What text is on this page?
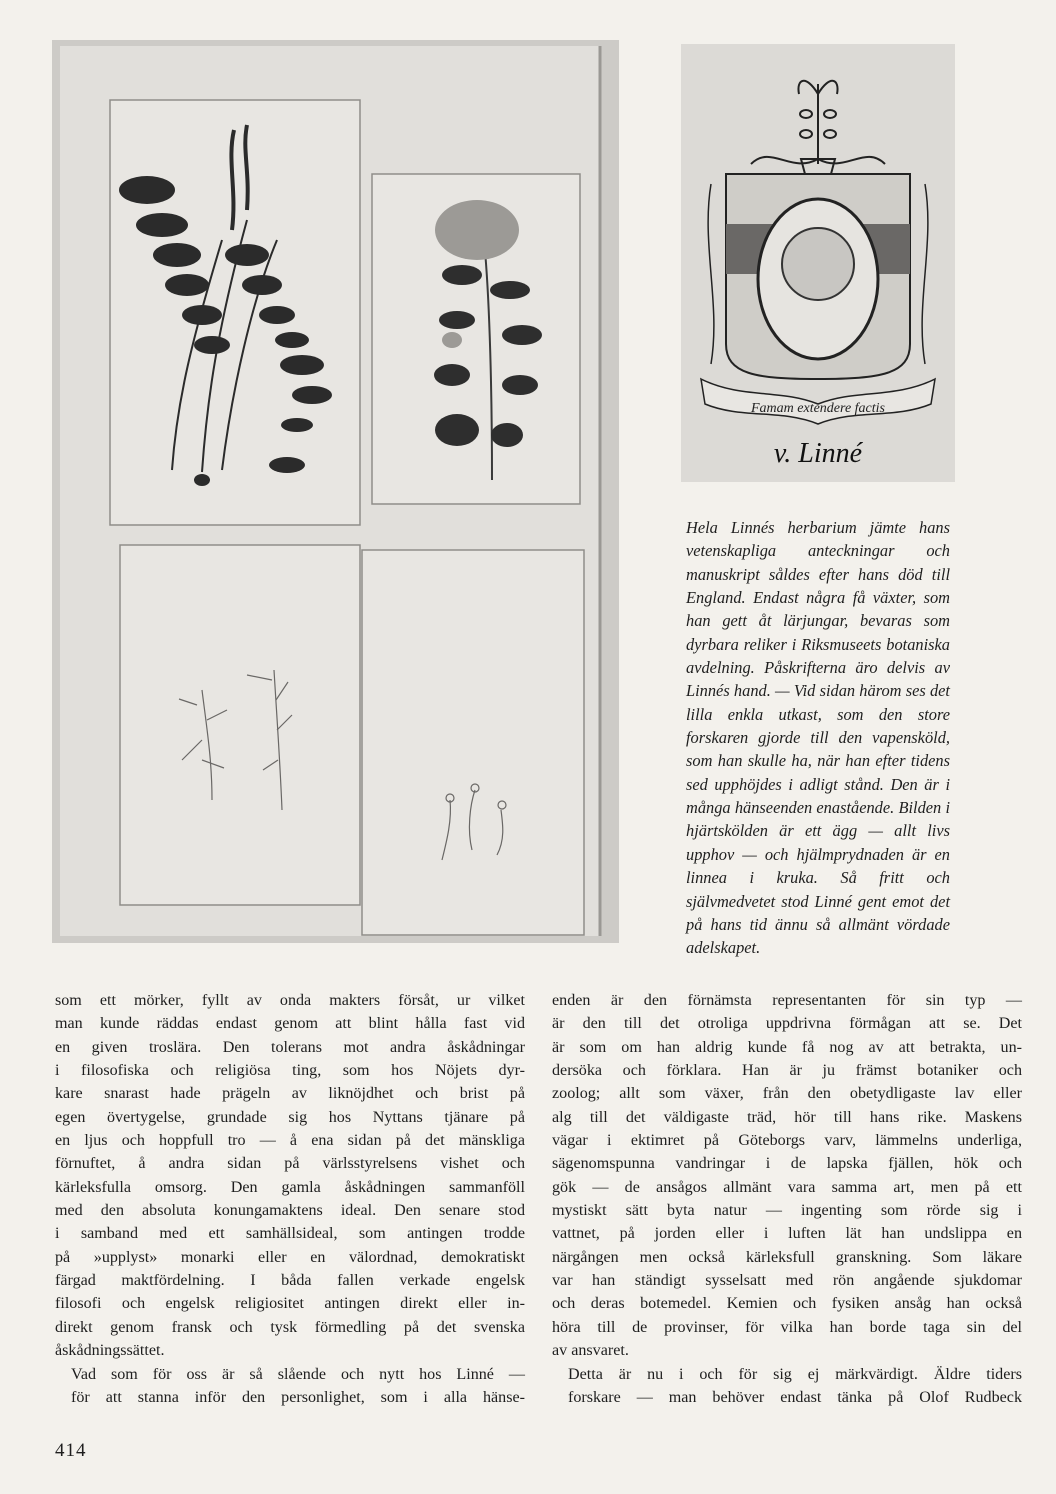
Famam extendere factis
v. Linné

Hela Linnés herbarium jämte hans vetenskapliga anteckningar och manuskript såldes efter hans död till England. Endast några få växter, som han gett åt lärjungar, bevaras som dyrbara reliker i Riksmuseets botaniska avdelning. Påskrifterna äro delvis av Linnés hand. — Vid sidan härom ses det lilla enkla utkast, som den store forskaren gjorde till den vapensköld, som han skulle ha, när han efter tidens sed upphöjdes i adligt stånd. Den är i många hänseenden enastående. Bilden i hjärtskölden är ett ägg — allt livs upphov — och hjälmprydnaden är en linnea i kruka. Så fritt och självmedvetet stod Linné gent emot det på hans tid ännu så allmänt vördade adelskapet.

som ett mörker, fyllt av onda makters försåt, ur vilket
man kunde räddas endast genom att blint hålla fast vid
en given troslära. Den tolerans mot andra åskådningar
i filosofiska och religiösa ting, som hos Nöjets dyr-
kare snarast hade prägeln av liknöjdhet och brist på
egen övertygelse, grundade sig hos Nyttans tjänare på
en ljus och hoppfull tro — å ena sidan på det mänskliga
förnuftet, å andra sidan på värlsstyrelsens vishet och
kärleksfulla omsorg. Den gamla åskådningen sammanföll
med den absoluta konungamaktens ideal. Den senare stod
i samband med ett samhällsideal, som antingen trodde
på »upplyst» monarki eller en välordnad, demokratiskt
färgad maktfördelning. I båda fallen verkade engelsk
filosofi och engelsk religiositet antingen direkt eller in-
direkt genom fransk och tysk förmedling på det svenska
åskådningssättet.

Vad som för oss är så slående och nytt hos Linné —
för att stanna inför den personlighet, som i alla hänse-

enden är den förnämsta representanten för sin typ —
är den till det otroliga uppdrivna förmågan att se. Det
är som om han aldrig kunde få nog av att betrakta, un-
dersöka och förklara. Han är ju främst botaniker och
zoolog; allt som växer, från den obetydligaste lav eller
alg till det väldigaste träd, hör till hans rike. Maskens
vägar i ektimret på Göteborgs varv, lämmelns underliga,
sägenomspunna vandringar i de lapska fjällen, hök och
gök — de ansågos allmänt vara samma art, men på ett
mystiskt sätt byta natur — ingenting som rörde sig i
vattnet, på jorden eller i luften lät han undslippa en
närgången men också kärleksfull granskning. Som läkare
var han ständigt sysselsatt med rön angående sjukdomar
och deras botemedel. Kemien och fysiken ansåg han också
höra till de provinser, för vilka han borde taga sin del
av ansvaret.

Detta är nu i och för sig ej märkvärdigt. Äldre tiders
forskare — man behöver endast tänka på Olof Rudbeck

414
